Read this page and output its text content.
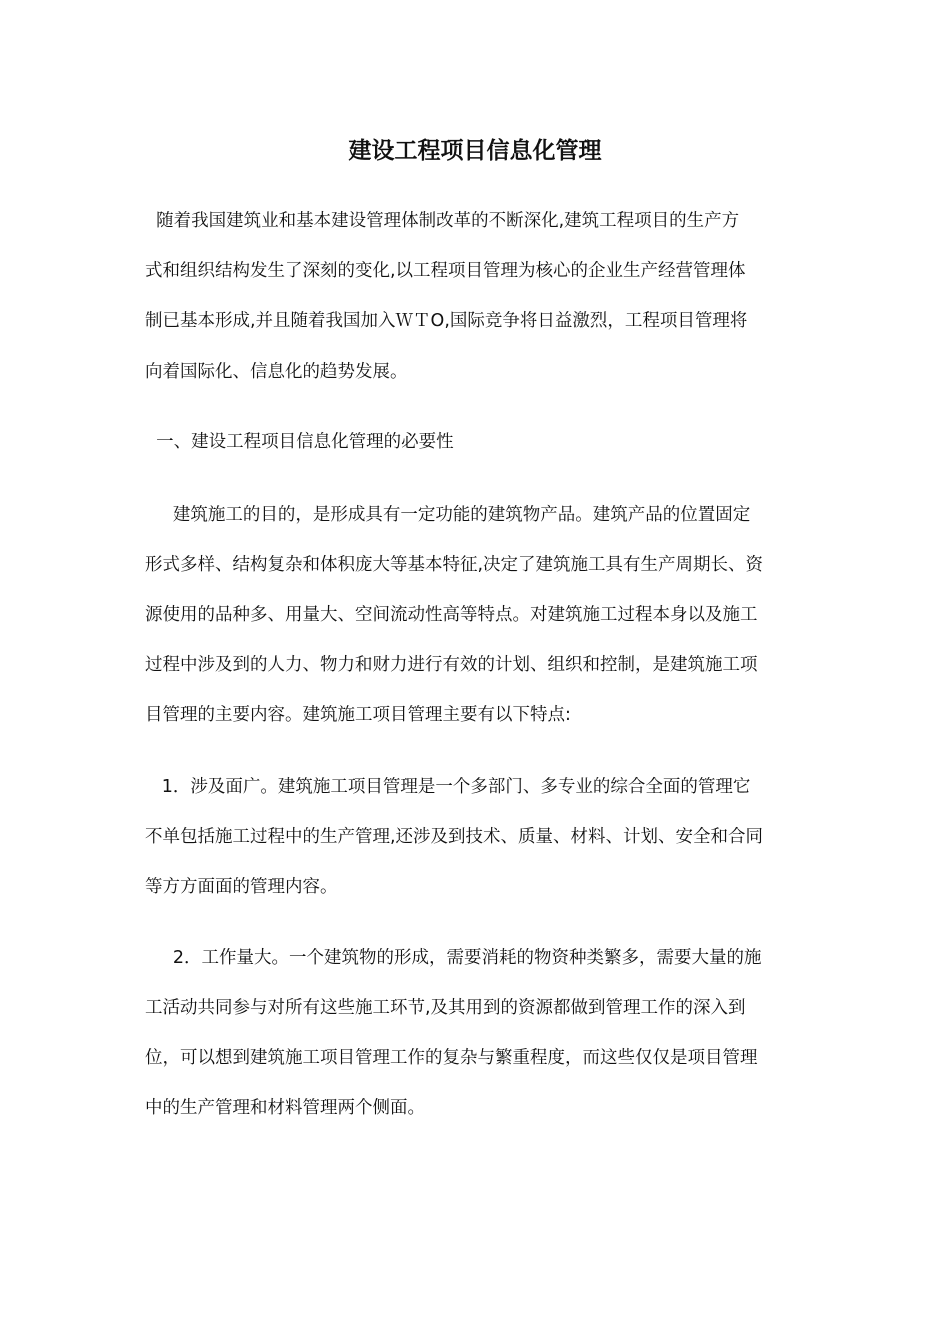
建设工程项目信息化管理

随着我国建筑业和基本建设管理体制改革的不断深化,建筑工程项目的生产方

式和组织结构发生了深刻的变化,以工程项目管理为核心的企业生产经营管理体

制已基本形成,并且随着我国加入ＷＴO,国际竞争将日益激烈，工程项目管理将

向着国际化、信息化的趋势发展。

一、建设工程项目信息化管理的必要性

建筑施工的目的，是形成具有一定功能的建筑物产品。建筑产品的位置固定

形式多样、结构复杂和体积庞大等基本特征,决定了建筑施工具有生产周期长、资

源使用的品种多、用量大、空间流动性高等特点。对建筑施工过程本身以及施工

过程中涉及到的人力、物力和财力进行有效的计划、组织和控制，是建筑施工项

目管理的主要内容。建筑施工项目管理主要有以下特点:

1．涉及面广。建筑施工项目管理是一个多部门、多专业的综合全面的管理它

不单包括施工过程中的生产管理,还涉及到技术、质量、材料、计划、安全和合同

等方方面面的管理内容。

2．工作量大。一个建筑物的形成，需要消耗的物资种类繁多，需要大量的施

工活动共同参与对所有这些施工环节,及其用到的资源都做到管理工作的深入到

位，可以想到建筑施工项目管理工作的复杂与繁重程度，而这些仅仅是项目管理

中的生产管理和材料管理两个侧面。
